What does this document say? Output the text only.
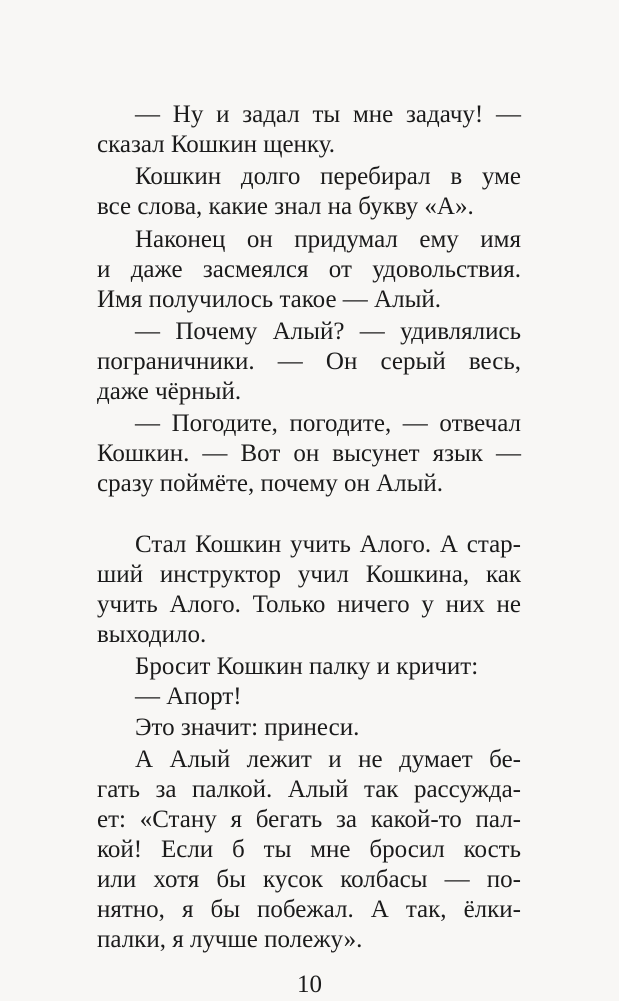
— Ну и задал ты мне задачу! —
сказал Кошкин щенку.
Кошкин долго перебирал в уме
все слова, какие знал на букву «А».
Наконец он придумал ему имя
и даже засмеялся от удовольствия.
Имя получилось такое — Алый.
— Почему Алый? — удивлялись
пограничники. — Он серый весь,
даже чёрный.
— Погодите, погодите, — отвечал
Кошкин. — Вот он высунет язык —
сразу поймёте, почему он Алый.
Стал Кошкин учить Алого. А стар-
ший инструктор учил Кошкина, как
учить Алого. Только ничего у них не
выходило.
Бросит Кошкин палку и кричит:
— Апорт!
Это значит: принеси.
А Алый лежит и не думает бе-
гать за палкой. Алый так рассуждa-
ет: «Стану я бегать за какой-то пал-
кой! Если б ты мне бросил кость
или хотя бы кусок колбасы — по-
нятно, я бы побежал. А так, ёлки-
палки, я лучше полежу».
10
